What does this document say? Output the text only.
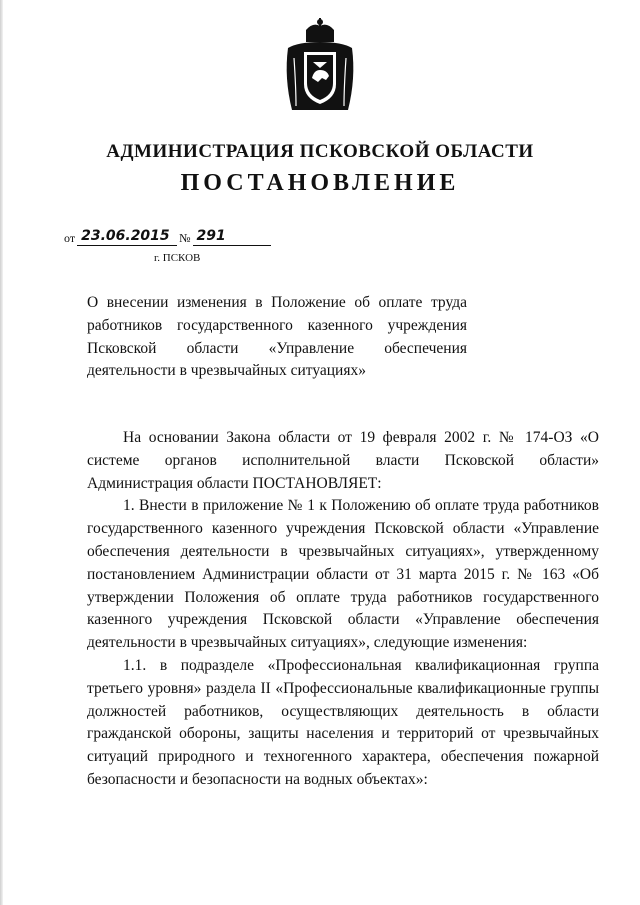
АДМИНИСТРАЦИЯ ПСКОВСКОЙ ОБЛАСТИ
ПОСТАНОВЛЕНИЕ
от 23.06.2015 № 291
г. ПСКОВ
О внесении изменения в Положение об оплате труда работников государственного казенного учреждения Псковской области «Управление обеспечения деятельности в чрезвычайных ситуациях»

На основании Закона области от 19 февраля 2002 г. № 174-ОЗ «О системе органов исполнительной власти Псковской области» Администрация области ПОСТАНОВЛЯЕТ:

1. Внести в приложение № 1 к Положению об оплате труда работников государственного казенного учреждения Псковской области «Управление обеспечения деятельности в чрезвычайных ситуациях», утвержденному постановлением Администрации области от 31 марта 2015 г. № 163 «Об утверждении Положения об оплате труда работников государственного казенного учреждения Псковской области «Управление обеспечения деятельности в чрезвычайных ситуациях», следующие изменения:

1.1. в подразделе «Профессиональная квалификационная группа третьего уровня» раздела II «Профессиональные квалификационные группы должностей работников, осуществляющих деятельность в области гражданской обороны, защиты населения и территорий от чрезвычайных ситуаций природного и техногенного характера, обеспечения пожарной безопасности и безопасности на водных объектах»:
